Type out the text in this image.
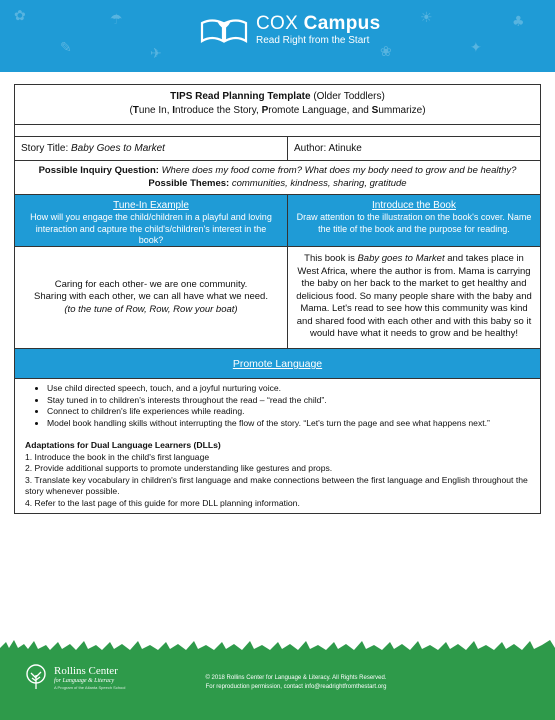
✿
✎
☂
✈	❀
☀
✦
♣
COX Campus
Read Right from the Start
TIPS Read Planning Template (Older Toddlers)
(Tune In, Introduce the Story, Promote Language, and Summarize)
Story Title: Baby Goes to Market	Author: Atinuke
Possible Inquiry Question: Where does my food come from? What does my body need to grow and be healthy?
Possible Themes: communities, kindness, sharing, gratitude
Tune-In Example
How will you engage the child/children in a playful and loving interaction and capture the child's/children's interest in the book?
Introduce the Book
Draw attention to the illustration on the book's cover. Name the title of the book and the purpose for reading.
Caring for each other- we are one community.
Sharing with each other, we can all have what we need.
(to the tune of Row, Row, Row your boat)
This book is Baby goes to Market and takes place in West Africa, where the author is from. Mama is carrying the baby on her back to the market to get healthy and delicious food. So many people share with the baby and Mama. Let's read to see how this community was kind and shared food with each other and with this baby so it would have what it needs to grow and be healthy!
Promote Language
• Use child directed speech, touch, and a joyful nurturing voice.
• Stay tuned in to children's interests throughout the read – “read the child”.
• Connect to children's life experiences while reading.
• Model book handling skills without interrupting the flow of the story. “Let's turn the page and see what happens next.”
Adaptations for Dual Language Learners (DLLs)
1. Introduce the book in the child's first language
2. Provide additional supports to promote understanding like gestures and props.
3. Translate key vocabulary in children's first language and make connections between the first language and English throughout the story whenever possible.
4. Refer to the last page of this guide for more DLL planning information.
Rollins Center
for Language & Literacy
A Program of the Atlanta Speech School
© 2018 Rollins Center for Language & Literacy. All Rights Reserved.
For reproduction permission, contact info@readrightfromthestart.org
